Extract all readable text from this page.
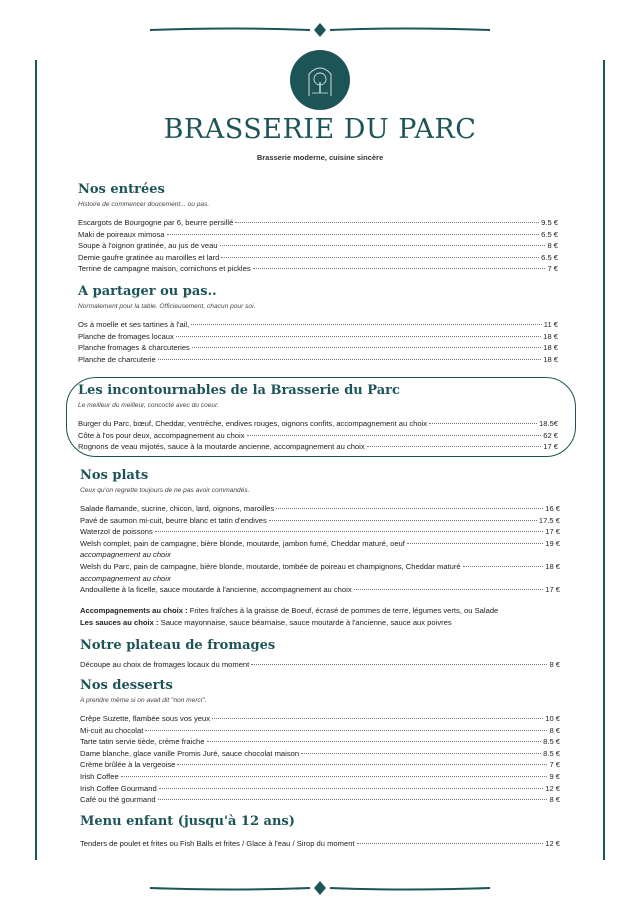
BRASSERIE DU PARC
Brasserie moderne, cuisine sincère
Nos entrées
Histoire de commencer doucement... ou pas.
Escargots de Bourgogne par 6, beurre persillé	9.5 €
Maki de poireaux mimosa	6.5 €
Soupe à l'oignon gratinée, au jus de veau	8 €
Demie gaufre gratinée au maroilles et lard	6.5 €
Terrine de campagne maison, cornichons et pickles	7 €
A partager ou pas..
Normalement pour la table. Officieusement, chacun pour soi.
Os à moelle et ses tartines à l'ail,	11 €
Planche de fromages locaux	18 €
Planche fromages & charcuteries	18 €
Planche de charcuterie	18 €
Les incontournables de la Brasserie du Parc
Le meilleur du meilleur, concocté avec du coeur.
Burger du Parc, bœuf, Cheddar, ventrèche, endives rouges, oignons confits, accompagnement au choix	18.5€
Côte à l'os pour deux, accompagnement au choix	62 €
Rognons de veau mijotés, sauce à la moutarde ancienne, accompagnement au choix	17 €
Nos plats
Ceux qu'on regrette toujours de ne pas avoir commandés.
Salade flamande, sucrine, chicon, lard, oignons, maroilles	16 €
Pavé de saumon mi-cuit, beurre blanc et tatin d'endives	17.5 €
Waterzoï de poissons	17 €
Welsh complet, pain de campagne, bière blonde, moutarde, jambon fumé, Cheddar maturé, oeuf	19 €
accompagnement au choix
Welsh du Parc, pain de campagne, bière blonde, moutarde, tombée de poireau et champignons, Cheddar maturé	18 €
accompagnement au choix
Andouillette à la ficelle, sauce moutarde à l'ancienne, accompagnement au choix	17 €
Accompagnements au choix : Frites fraîches à la graisse de Boeuf, écrasé de pommes de terre, légumes verts, ou Salade
Les sauces au choix : Sauce mayonnaise, sauce béarnaise, sauce moutarde à l'ancienne, sauce aux poivres
Notre plateau de fromages
Découpe au choix de fromages locaux du moment	8 €
Nos desserts
A prendre même si on avait dit "non merci".
Crêpe Suzette, flambée sous vos yeux	10 €
Mi-cuit au chocolat	8 €
Tarte tatin servie tiède, crème fraiche	8.5 €
Dame blanche, glace vanille Promis Juré, sauce chocolat maison	8.5 €
Crème brûlée à la vergeoise	7 €
Irish Coffee	9 €
Irish Coffee Gourmand	12 €
Café ou thé gourmand	8 €
Menu enfant (jusqu'à 12 ans)
Tenders de poulet et frites ou Fish Balls et frites / Glace à l'eau / Sirop du moment	12 €
